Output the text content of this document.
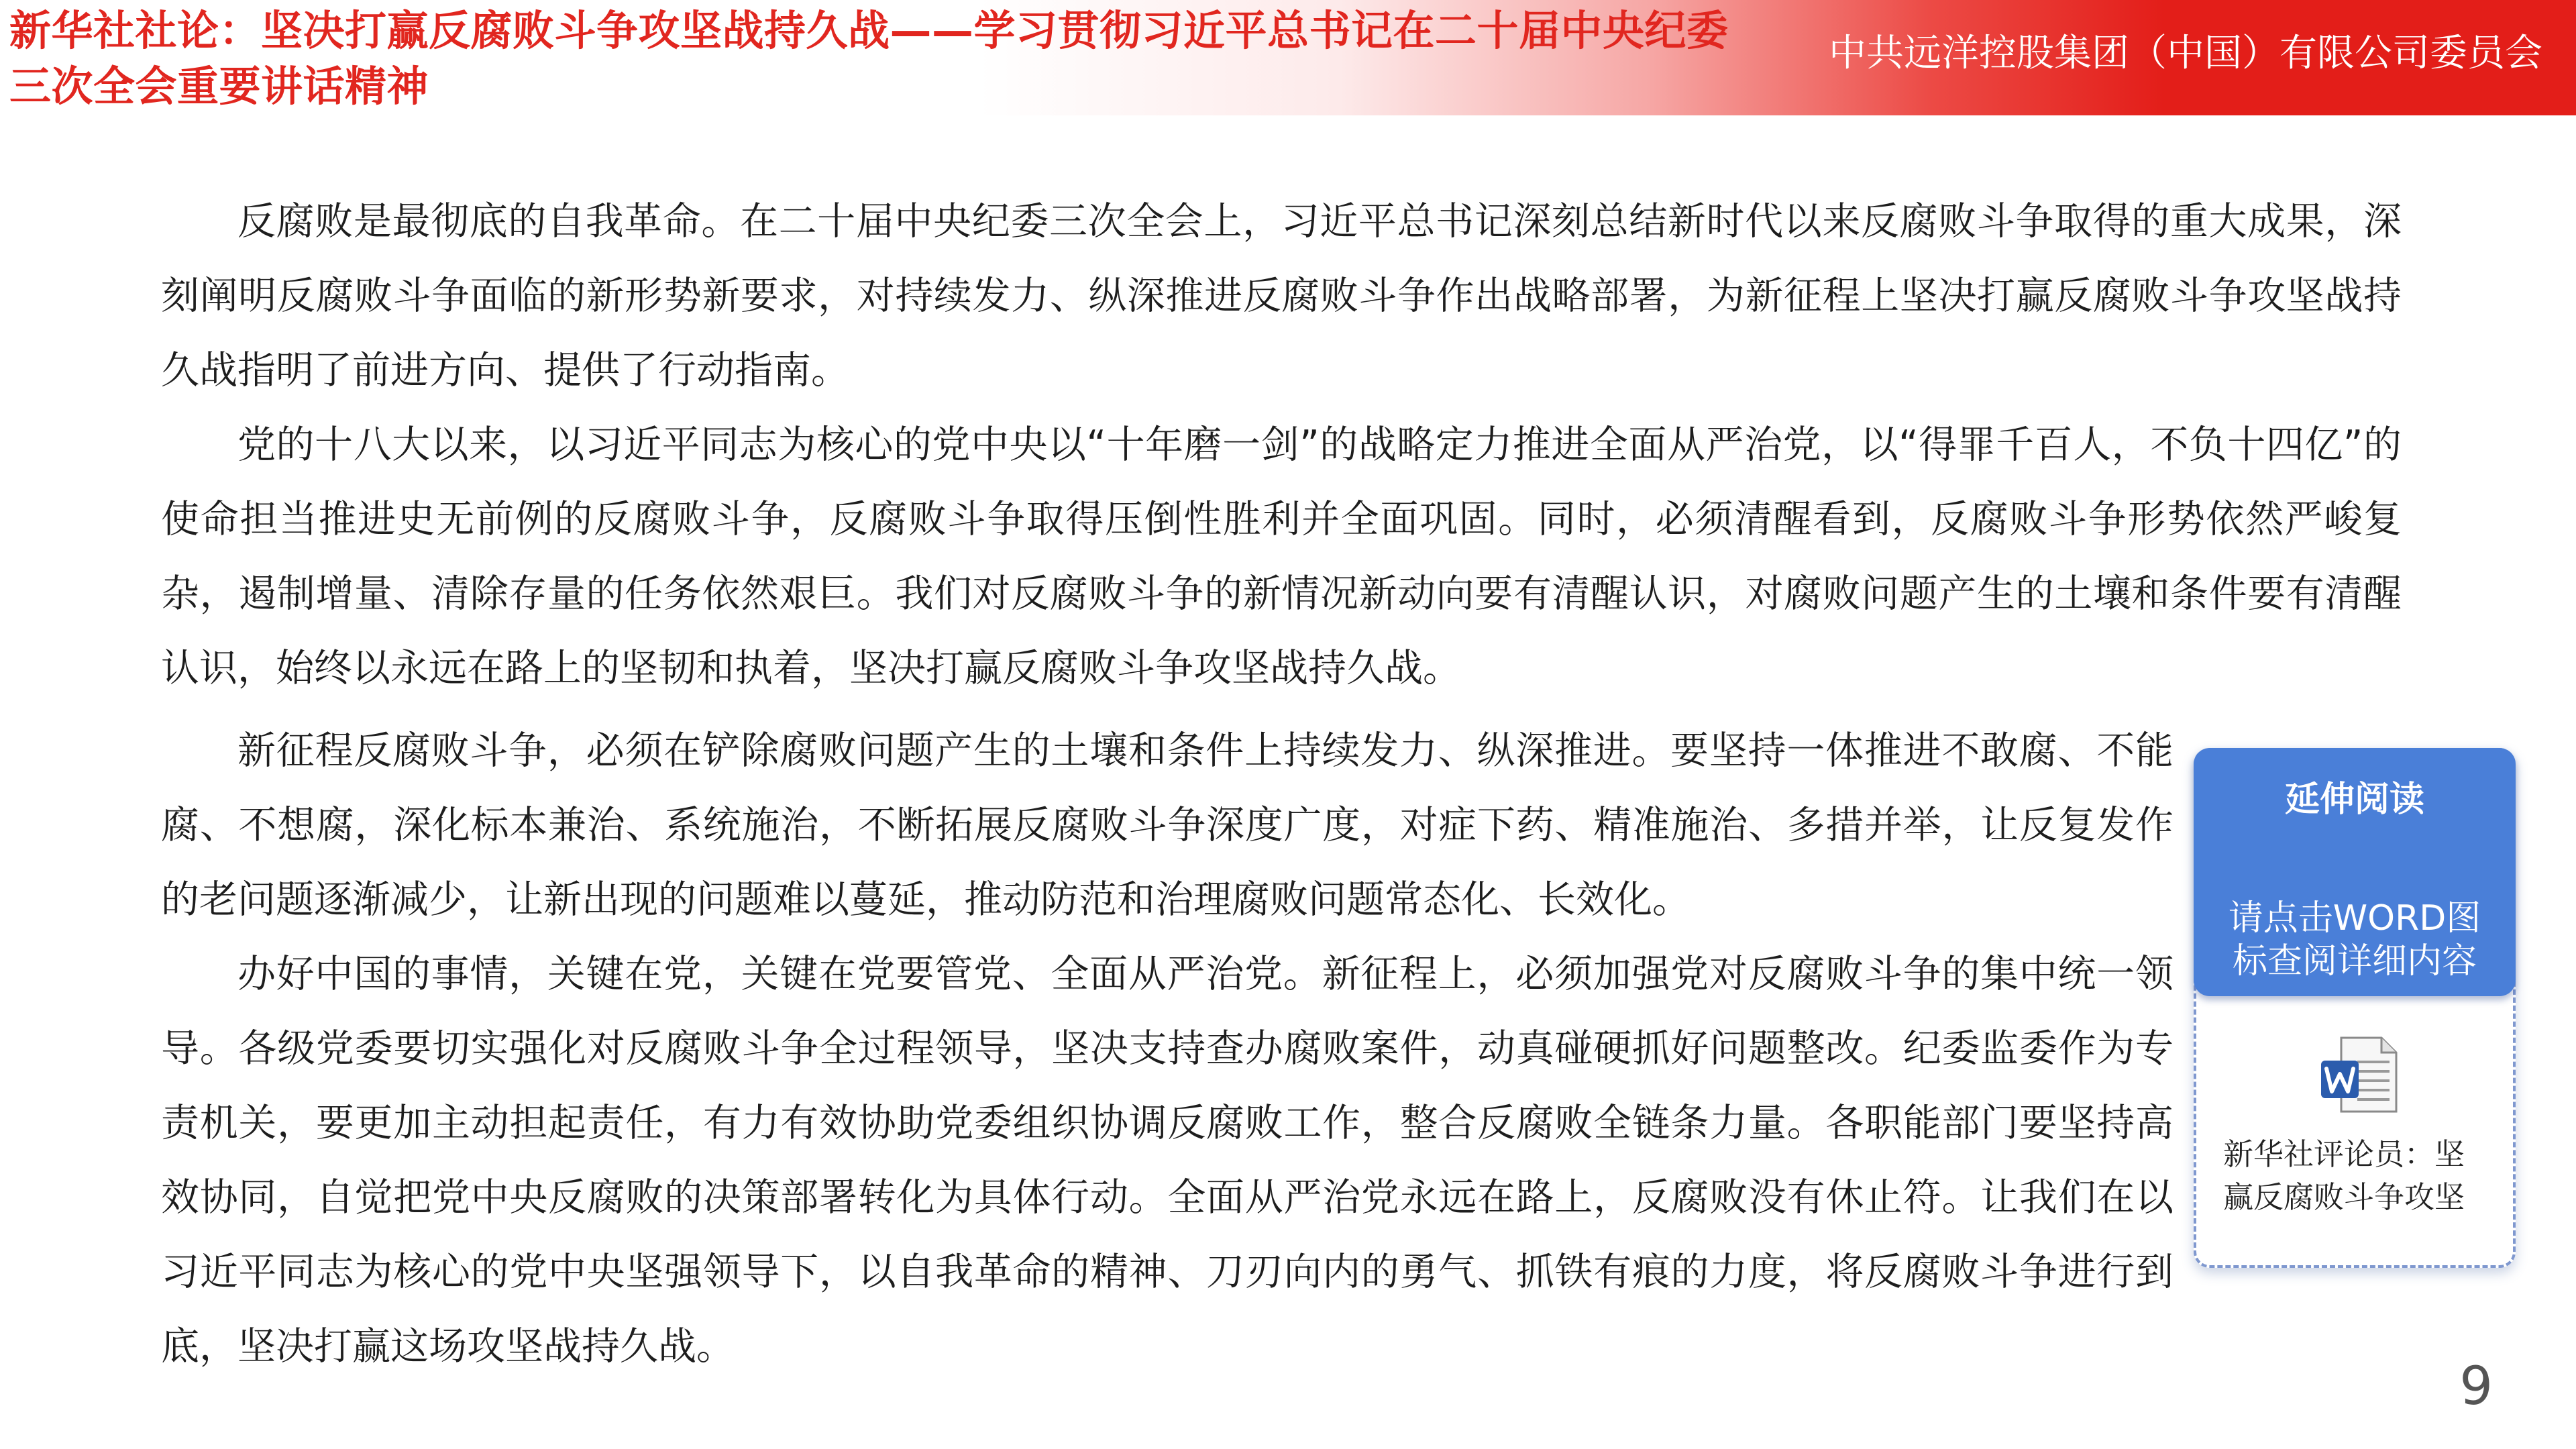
新华社社论：坚决打赢反腐败斗争攻坚战持久战——学习贯彻习近平总书记在二十届中央纪委三次全会重要讲话精神
中共远洋控股集团（中国）有限公司委员会

反腐败是最彻底的自我革命。在二十届中央纪委三次全会上，习近平总书记深刻总结新时代以来反腐败斗争取得的重大成果，深刻阐明反腐败斗争面临的新形势新要求，对持续发力、纵深推进反腐败斗争作出战略部署，为新征程上坚决打赢反腐败斗争攻坚战持久战指明了前进方向、提供了行动指南。

党的十八大以来，以习近平同志为核心的党中央以“十年磨一剑”的战略定力推进全面从严治党，以“得罪千百人，不负十四亿”的使命担当推进史无前例的反腐败斗争，反腐败斗争取得压倒性胜利并全面巩固。同时，必须清醒看到，反腐败斗争形势依然严峻复杂，遏制增量、清除存量的任务依然艰巨。我们对反腐败斗争的新情况新动向要有清醒认识，对腐败问题产生的土壤和条件要有清醒认识，始终以永远在路上的坚韧和执着，坚决打赢反腐败斗争攻坚战持久战。

新征程反腐败斗争，必须在铲除腐败问题产生的土壤和条件上持续发力、纵深推进。要坚持一体推进不敢腐、不能腐、不想腐，深化标本兼治、系统施治，不断拓展反腐败斗争深度广度，对症下药、精准施治、多措并举，让反复发作的老问题逐渐减少，让新出现的问题难以蔓延，推动防范和治理腐败问题常态化、长效化。

办好中国的事情，关键在党，关键在党要管党、全面从严治党。新征程上，必须加强党对反腐败斗争的集中统一领导。各级党委要切实强化对反腐败斗争全过程领导，坚决支持查办腐败案件，动真碰硬抓好问题整改。纪委监委作为专责机关，要更加主动担起责任，有力有效协助党委组织协调反腐败工作，整合反腐败全链条力量。各职能部门要坚持高效协同，自觉把党中央反腐败的决策部署转化为具体行动。全面从严治党永远在路上，反腐败没有休止符。让我们在以习近平同志为核心的党中央坚强领导下，以自我革命的精神、刀刃向内的勇气、抓铁有痕的力度，将反腐败斗争进行到底，坚决打赢这场攻坚战持久战。

延伸阅读
请点击WORD图标查阅详细内容
新华社评论员：坚赢反腐败斗争攻坚
9
